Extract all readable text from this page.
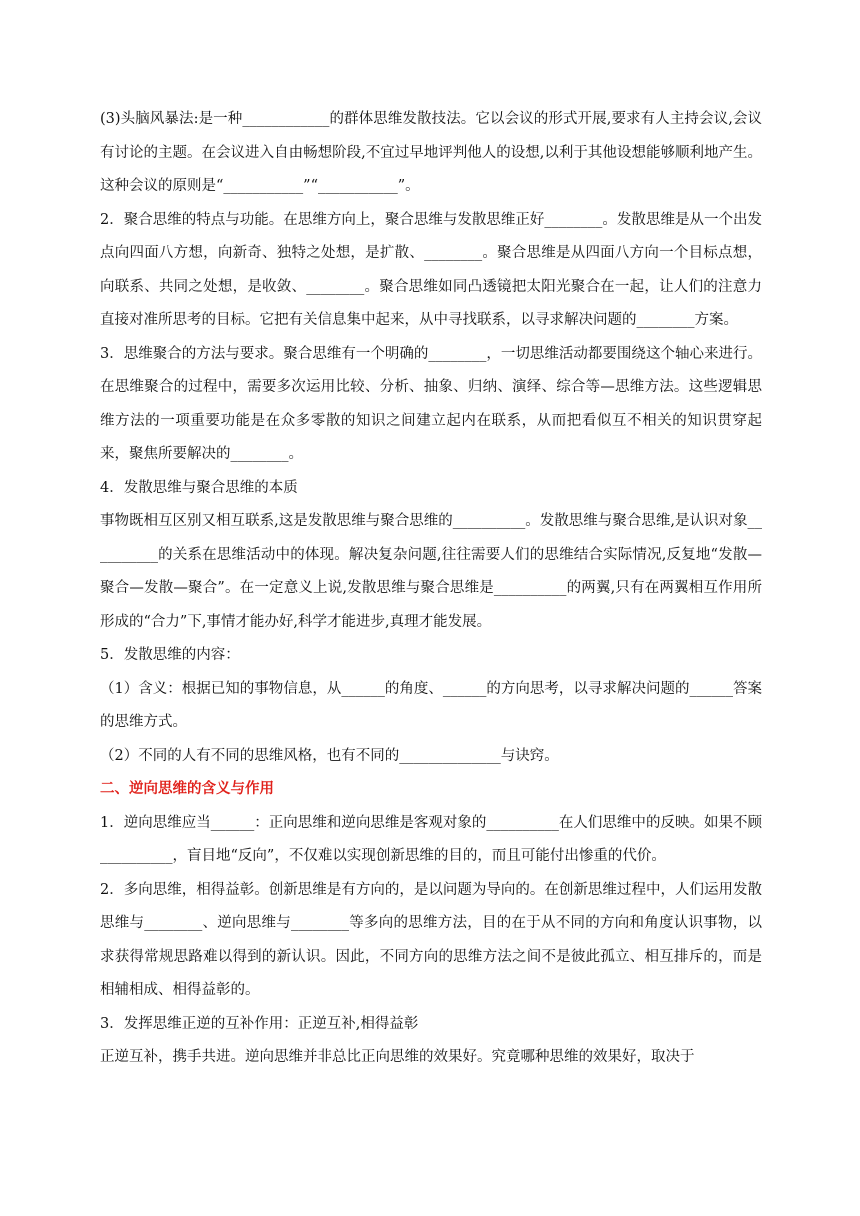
(3)头脑风暴法:是一种____________的群体思维发散技法。它以会议的形式开展,要求有人主持会议,会议有讨论的主题。在会议进入自由畅想阶段,不宜过早地评判他人的设想,以利于其他设想能够顺利地产生。这种会议的原则是“___________”“___________”。

2．聚合思维的特点与功能。在思维方向上，聚合思维与发散思维正好________。发散思维是从一个出发点向四面八方想，向新奇、独特之处想，是扩散、________。聚合思维是从四面八方向一个目标点想，向联系、共同之处想，是收敛、________。聚合思维如同凸透镜把太阳光聚合在一起，让人们的注意力直接对准所思考的目标。它把有关信息集中起来，从中寻找联系，以寻求解决问题的________方案。

3．思维聚合的方法与要求。聚合思维有一个明确的________，一切思维活动都要围绕这个轴心来进行。在思维聚合的过程中，需要多次运用比较、分析、抽象、归纳、演绎、综合等—思维方法。这些逻辑思维方法的一项重要功能是在众多零散的知识之间建立起内在联系，从而把看似互不相关的知识贯穿起来，聚焦所要解决的________。

4．发散思维与聚合思维的本质

事物既相互区别又相互联系,这是发散思维与聚合思维的__________。发散思维与聚合思维,是认识对象__________的关系在思维活动中的体现。解决复杂问题,往往需要人们的思维结合实际情况,反复地“发散—聚合—发散—聚合”。在一定意义上说,发散思维与聚合思维是__________的两翼,只有在两翼相互作用所形成的“合力”下,事情才能办好,科学才能进步,真理才能发展。

5．发散思维的内容：

（1）含义：根据已知的事物信息，从______的角度、______的方向思考，以寻求解决问题的______答案的思维方式。

（2）不同的人有不同的思维风格，也有不同的______________与诀窍。

二、逆向思维的含义与作用

1．逆向思维应当______：正向思维和逆向思维是客观对象的__________在人们思维中的反映。如果不顾__________，盲目地“反向”，不仅难以实现创新思维的目的，而且可能付出惨重的代价。

2．多向思维，相得益彰。创新思维是有方向的，是以问题为导向的。在创新思维过程中，人们运用发散思维与________、逆向思维与________等多向的思维方法，目的在于从不同的方向和角度认识事物，以求获得常规思路难以得到的新认识。因此，不同方向的思维方法之间不是彼此孤立、相互排斥的，而是相辅相成、相得益彰的。

3．发挥思维正逆的互补作用：正逆互补,相得益彰

正逆互补，携手共进。逆向思维并非总比正向思维的效果好。究竟哪种思维的效果好，取决于
